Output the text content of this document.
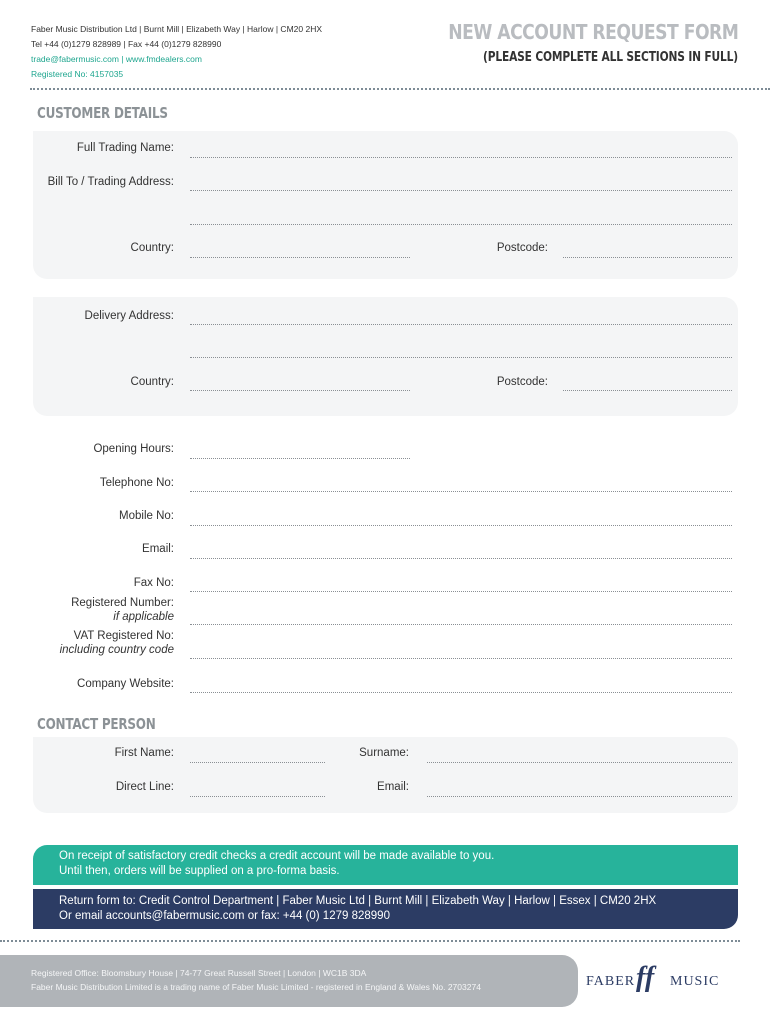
Faber Music Distribution Ltd | Burnt Mill | Elizabeth Way | Harlow | CM20 2HX
Tel +44 (0)1279 828989 | Fax +44 (0)1279 828990
trade@fabermusic.com | www.fmdealers.com
Registered No: 4157035
NEW ACCOUNT REQUEST FORM
(PLEASE COMPLETE ALL SECTIONS IN FULL)
CUSTOMER DETAILS
Full Trading Name:
Bill To / Trading Address:
Country:	Postcode:
Delivery Address:
Country:	Postcode:
Opening Hours:
Telephone No:
Mobile No:
Email:
Fax No:
Registered Number:
if applicable
VAT Registered No:
including country code
Company Website:
CONTACT PERSON
First Name:	Surname:
Direct Line:	Email:
On receipt of satisfactory credit checks a credit account will be made available to you.
Until then, orders will be supplied on a pro-forma basis.
Return form to: Credit Control Department | Faber Music Ltd | Burnt Mill | Elizabeth Way | Harlow | Essex | CM20 2HX
Or email accounts@fabermusic.com or fax: +44 (0) 1279 828990
Registered Office: Bloomsbury House | 74-77 Great Russell Street | London | WC1B 3DA
Faber Music Distribution Limited is a trading name of Faber Music Limited - registered in England & Wales No. 2703274	FABER ff MUSIC
